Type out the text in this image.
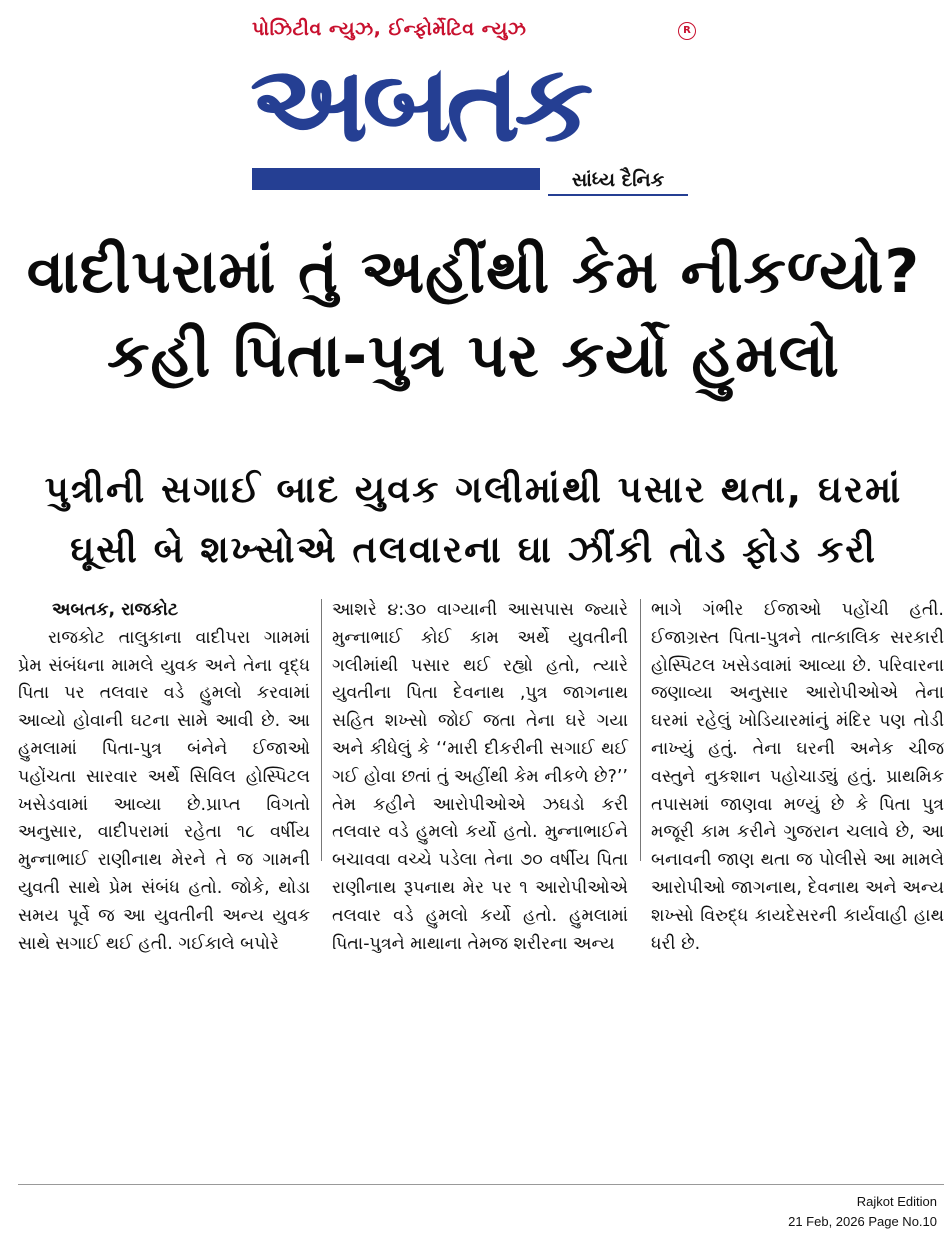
પોઝિટીવ ન્યુઝ, ઈન્ફોર્મેટિવ ન્યુઝ	R
અબતક
સાંધ્ય દૈનિક
વાદીપરામાં તું અહીંથી કેમ નીકળ્યો?
કહી પિતા-પુત્ર પર કર્યો હુમલો
પુત્રીની સગાઈ બાદ યુવક ગલીમાંથી પસાર થતા, ઘરમાં
ઘૂસી બે શખ્સોએ તલવારના ઘા ઝીંકી તોડ ફોડ કરી
અબતક, રાજકોટ
રાજકોટ તાલુકાના વાદીપરા ગામમાં પ્રેમ સંબંધના મામલે યુવક અને તેના વૃદ્ધ પિતા પર તલવાર વડે હુમલો કરવામાં આવ્યો હોવાની ઘટના સામે આવી છે. આ હુમલામાં પિતા-પુત્ર બંનેને ઈજાઓ પહોંચતા સારવાર અર્થે સિવિલ હોસ્પિટલ ખસેડવામાં આવ્યા છે.પ્રાપ્ત વિગતો અનુસાર, વાદીપરામાં રહેતા ૧૮ વર્ષીય મુન્નાભાઈ રાણીનાથ મેરને તે જ ગામની યુવતી સાથે પ્રેમ સંબંધ હતો. જોકે, થોડા સમય પૂર્વે જ આ યુવતીની અન્ય યુવક સાથે સગાઈ થઈ હતી. ગઈકાલે બપોરે
આશરે ૪:૩૦ વાગ્યાની આસપાસ જ્યારે મુન્નાભાઈ કોઈ કામ અર્થે યુવતીની ગલીમાંથી પસાર થઈ રહ્યો હતો, ત્યારે યુવતીના પિતા દેવનાથ ,પુત્ર જાગનાથ સહિત શખ્સો જોઈ જતા તેના ઘરે ગયા અને કીધેલું કે ‘‘મારી દીકરીની સગાઈ થઈ ગઈ હોવા છતાં તું અહીંથી કેમ નીકળે છે?’’ તેમ કહીને આરોપીઓએ ઝઘડો કરી તલવાર વડે હુમલો કર્યો હતો. મુન્નાભાઈને બચાવવા વચ્ચે પડેલા તેના ૭૦ વર્ષીય પિતા રાણીનાથ રૂપનાથ મેર પર ૧ આરોપીઓએ તલવાર વડે હુમલો કર્યો હતો. હુમલામાં પિતા-પુત્રને માથાના તેમજ શરીરના અન્ય
ભાગે ગંભીર ઈજાઓ પહોંચી હતી. ઈજાગ્રસ્ત પિતા-પુત્રને તાત્કાલિક સરકારી હોસ્પિટલ ખસેડવામાં આવ્યા છે. પરિવારના જણાવ્યા અનુસાર આરોપીઓએ તેના ઘરમાં રહેલું ખોડિયારમાંનું મંદિર પણ તોડી નાખ્યું હતું. તેના ઘરની અનેક ચીજ વસ્તુને નુકશાન પહોચાડ્યું હતું. પ્રાથમિક તપાસમાં જાણવા મળ્યું છે કે પિતા પુત્ર મજૂરી કામ કરીને ગુજરાન ચલાવે છે, આ બનાવની જાણ થતા જ પોલીસે આ મામલે આરોપીઓ જાગનાથ, દેવનાથ અને અન્ય શખ્સો વિરુદ્ધ કાયદેસરની કાર્યવાહી હાથ ધરી છે.
Rajkot Edition
21 Feb, 2026 Page No.10
